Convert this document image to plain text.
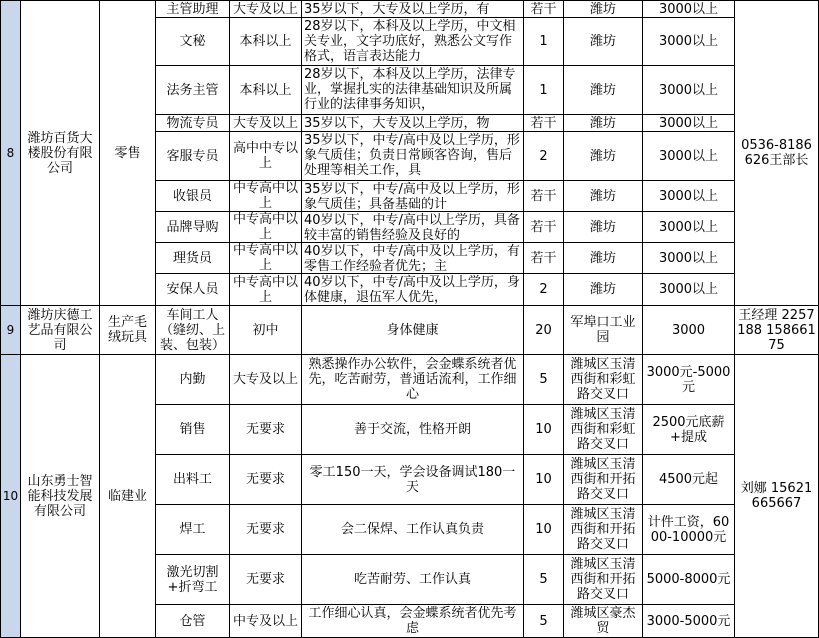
8	潍坊百货大楼股份有限公司	零售	主管助理	大专及以上	35岁以下，大专及以上学历，有	若干	潍坊	3000以上	0536-8186626王部长
			文秘	本科以上	28岁以下，本科及以上学历，中文相关专业，文字功底好，熟悉公文写作格式，语言表达能力	1	潍坊	3000以上	
			法务主管	本科以上	28岁以下，本科及以上学历，法律专业，掌握扎实的法律基础知识及所属行业的法律事务知识，	1	潍坊	3000以上	
			物流专员	大专及以上	35岁以下，大专及以上学历，物	若干	潍坊	3000以上	
			客服专员	高中中专以上	35岁以下，中专/高中及以上学历，形象气质佳；负责日常顾客咨询，售后处理等相关工作，具	2	潍坊	3000以上	
			收银员	中专高中以上	35岁以下，中专/高中及以上学历，形象气质佳；具备基础的计	若干	潍坊	3000以上	
			品牌导购	中专高中以上	40岁以下，中专/高中以上学历，具备较丰富的销售经验及良好的	若干	潍坊	3000以上	
			理货员	中专高中以上	40岁以下，中专/高中及以上学历，有零售工作经验者优先；主	若干	潍坊	3000以上	
			安保人员	中专高中以上	40岁以下，中专/高中及以上学历，身体健康，退伍军人优先，	2	潍坊	3000以上	
9	潍坊庆德工艺品有限公司	生产毛绒玩具	车间工人（缝纫、上装、包装）	初中	身体健康	20	军埠口工业园	3000	王经理 2257188 15866175
10	山东勇士智能科技发展有限公司	临建业	内勤	大专及以上	熟悉操作办公软件，会金蝶系统者优先，吃苦耐劳，普通话流利，工作细心	5	潍城区玉清西街和彩虹路交叉口	3000元-5000元	刘娜 15621665667
			销售	无要求	善于交流，性格开朗	10	潍城区玉清西街和彩虹路交叉口	2500元底薪+提成	
			出料工	无要求	零工150一天，学会设备调试180一天	10	潍城区玉清西街和开拓路交叉口	4500元起	
			焊工	无要求	会二保焊、工作认真负责	10	潍城区玉清西街和开拓路交叉口	计件工资，6000-10000元	
			激光切割+折弯工	无要求	吃苦耐劳、工作认真	5	潍城区玉清西街和开拓路交叉口	5000-8000元	
			仓管	中专及以上	工作细心认真，会金蝶系统者优先考虑	5	潍城区豪杰贸	3000-5000元	
